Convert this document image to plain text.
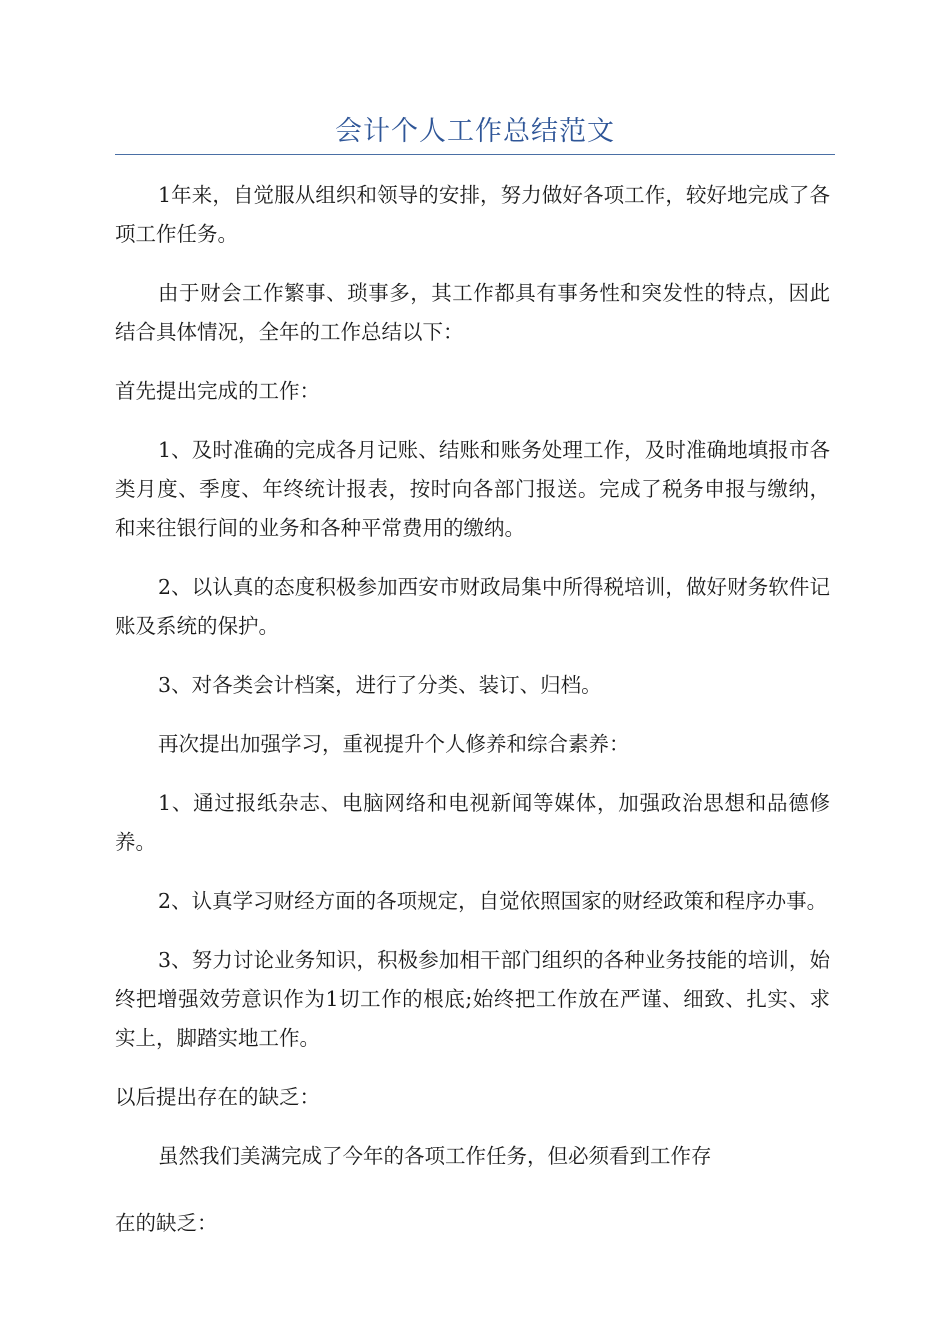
会计个人工作总结范文

1年来，自觉服从组织和领导的安排，努力做好各项工作，较好地完成了各项工作任务。

由于财会工作繁事、琐事多，其工作都具有事务性和突发性的特点，因此结合具体情况，全年的工作总结以下：

首先提出完成的工作：

1、及时准确的完成各月记账、结账和账务处理工作，及时准确地填报市各类月度、季度、年终统计报表，按时向各部门报送。完成了税务申报与缴纳，和来往银行间的业务和各种平常费用的缴纳。

2、以认真的态度积极参加西安市财政局集中所得税培训，做好财务软件记账及系统的保护。

3、对各类会计档案，进行了分类、装订、归档。

再次提出加强学习，重视提升个人修养和综合素养：

1、通过报纸杂志、电脑网络和电视新闻等媒体，加强政治思想和品德修养。

2、认真学习财经方面的各项规定，自觉依照国家的财经政策和程序办事。

3、努力讨论业务知识，积极参加相干部门组织的各种业务技能的培训，始终把增强效劳意识作为1切工作的根底;始终把工作放在严谨、细致、扎实、求实上，脚踏实地工作。

以后提出存在的缺乏：

虽然我们美满完成了今年的各项工作任务，但必须看到工作存

在的缺乏：
